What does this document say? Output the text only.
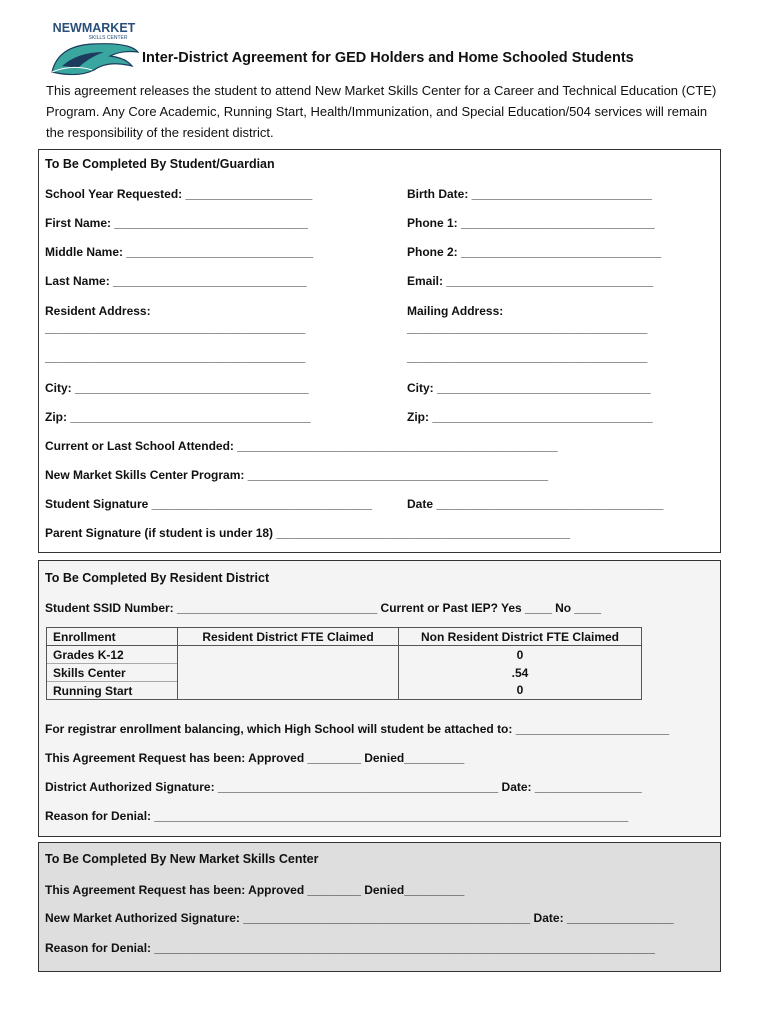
NEWMARKET
SKILLS CENTER
Inter-District Agreement for GED Holders and Home Schooled Students
This agreement releases the student to attend New Market Skills Center for a Career and Technical Education (CTE) Program. Any Core Academic, Running Start, Health/Immunization, and Special Education/504 services will remain the responsibility of the resident district.
To Be Completed By Student/Guardian
School Year Requested: ___________________	Birth Date: ___________________________
First Name: _____________________________	Phone 1: _____________________________
Middle Name: ____________________________	Phone 2: ______________________________
Last Name: _____________________________	Email: _______________________________
Resident Address:	Mailing Address:
_______________________________________	____________________________________
_______________________________________	____________________________________
City: ___________________________________	City: ________________________________
Zip: ____________________________________	Zip: _________________________________
Current or Last School Attended: ________________________________________________
New Market Skills Center Program: _____________________________________________
Student Signature _________________________________	Date __________________________________
Parent Signature (if student is under 18) ____________________________________________
To Be Completed By Resident District
Student SSID Number: ______________________________ Current or Past IEP? Yes ____ No ____
Enrollment	Resident District FTE Claimed	Non Resident District FTE Claimed
Grades K-12		0
Skills Center		.54
Running Start		0
For registrar enrollment balancing, which High School will student be attached to: _______________________
This Agreement Request has been: Approved ________ Denied_________
District Authorized Signature: __________________________________________ Date: ________________
Reason for Denial: _______________________________________________________________________
To Be Completed By New Market Skills Center
This Agreement Request has been: Approved ________ Denied_________
New Market Authorized Signature: ___________________________________________ Date: ________________
Reason for Denial: ___________________________________________________________________________
